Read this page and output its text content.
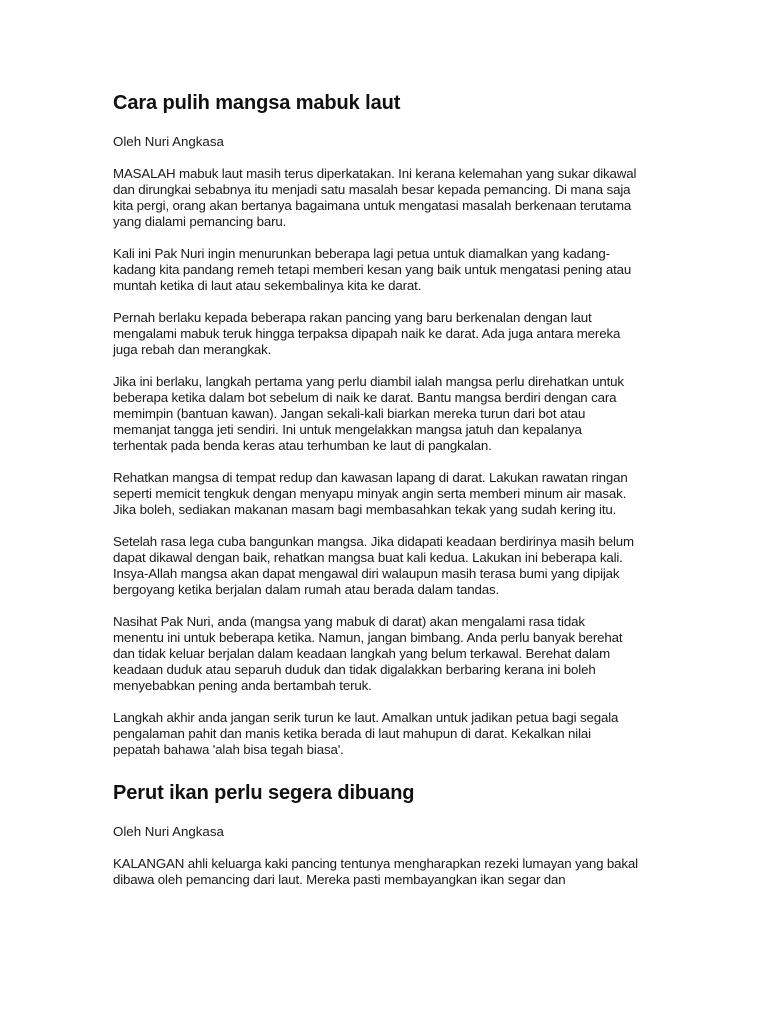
Cara pulih mangsa mabuk laut

Oleh Nuri Angkasa

MASALAH mabuk laut masih terus diperkatakan. Ini kerana kelemahan yang sukar dikawal dan dirungkai sebabnya itu menjadi satu masalah besar kepada pemancing. Di mana saja kita pergi, orang akan bertanya bagaimana untuk mengatasi masalah berkenaan terutama yang dialami pemancing baru.

Kali ini Pak Nuri ingin menurunkan beberapa lagi petua untuk diamalkan yang kadang-kadang kita pandang remeh tetapi memberi kesan yang baik untuk mengatasi pening atau muntah ketika di laut atau sekembalinya kita ke darat.

Pernah berlaku kepada beberapa rakan pancing yang baru berkenalan dengan laut mengalami mabuk teruk hingga terpaksa dipapah naik ke darat. Ada juga antara mereka juga rebah dan merangkak.

Jika ini berlaku, langkah pertama yang perlu diambil ialah mangsa perlu direhatkan untuk beberapa ketika dalam bot sebelum di naik ke darat. Bantu mangsa berdiri dengan cara memimpin (bantuan kawan). Jangan sekali-kali biarkan mereka turun dari bot atau memanjat tangga jeti sendiri. Ini untuk mengelakkan mangsa jatuh dan kepalanya terhentak pada benda keras atau terhumban ke laut di pangkalan.

Rehatkan mangsa di tempat redup dan kawasan lapang di darat. Lakukan rawatan ringan seperti memicit tengkuk dengan menyapu minyak angin serta memberi minum air masak. Jika boleh, sediakan makanan masam bagi membasahkan tekak yang sudah kering itu.

Setelah rasa lega cuba bangunkan mangsa. Jika didapati keadaan berdirinya masih belum dapat dikawal dengan baik, rehatkan mangsa buat kali kedua. Lakukan ini beberapa kali. Insya-Allah mangsa akan dapat mengawal diri walaupun masih terasa bumi yang dipijak bergoyang ketika berjalan dalam rumah atau berada dalam tandas.

Nasihat Pak Nuri, anda (mangsa yang mabuk di darat) akan mengalami rasa tidak menentu ini untuk beberapa ketika. Namun, jangan bimbang. Anda perlu banyak berehat dan tidak keluar berjalan dalam keadaan langkah yang belum terkawal. Berehat dalam keadaan duduk atau separuh duduk dan tidak digalakkan berbaring kerana ini boleh menyebabkan pening anda bertambah teruk.

Langkah akhir anda jangan serik turun ke laut. Amalkan untuk jadikan petua bagi segala pengalaman pahit dan manis ketika berada di laut mahupun di darat. Kekalkan nilai pepatah bahawa 'alah bisa tegah biasa'.

Perut ikan perlu segera dibuang

Oleh Nuri Angkasa

KALANGAN ahli keluarga kaki pancing tentunya mengharapkan rezeki lumayan yang bakal dibawa oleh pemancing dari laut. Mereka pasti membayangkan ikan segar dan
